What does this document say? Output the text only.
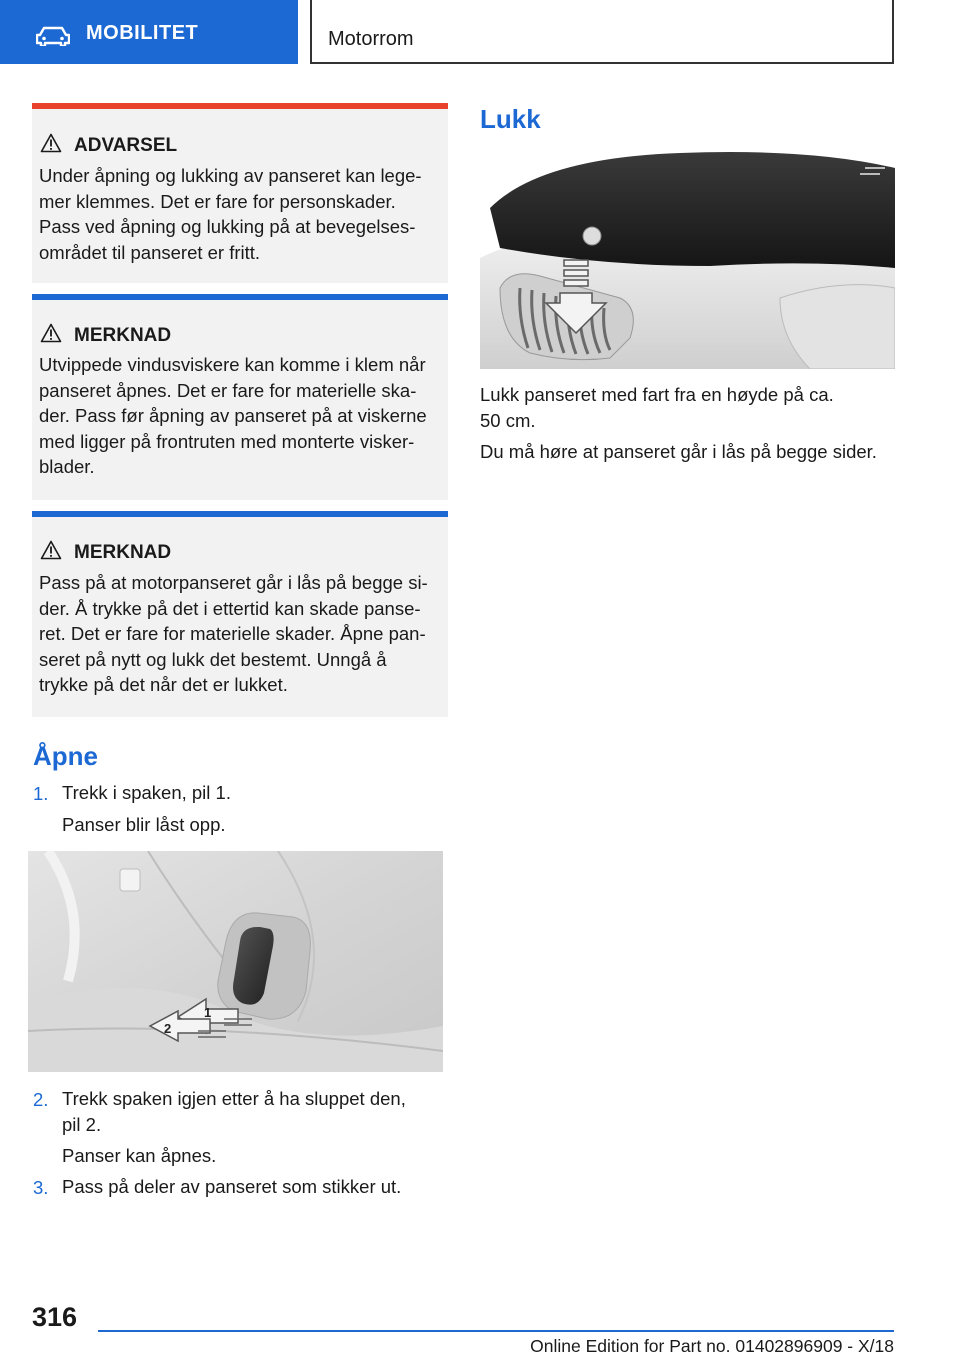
MOBILITET	Motorrom
ADVARSEL
Under åpning og lukking av panseret kan lege-
mer klemmes. Det er fare for personskader.
Pass ved åpning og lukking på at bevegelses-
området til panseret er fritt.
MERKNAD
Utvippede vindusviskere kan komme i klem når
panseret åpnes. Det er fare for materielle ska-
der. Pass før åpning av panseret på at viskerne
med ligger på frontruten med monterte visker-
blader.
MERKNAD
Pass på at motorpanseret går i lås på begge si-
der. Å trykke på det i ettertid kan skade panse-
ret. Det er fare for materielle skader. Åpne pan-
seret på nytt og lukk det bestemt. Unngå å
trykke på det når det er lukket.
Åpne
1. Trekk i spaken, pil 1.
Panser blir låst opp.
1
2
2. Trekk spaken igjen etter å ha sluppet den,
pil 2.
Panser kan åpnes.
3. Pass på deler av panseret som stikker ut.
Lukk
Lukk panseret med fart fra en høyde på ca.
50 cm.
Du må høre at panseret går i lås på begge sider.
316
Online Edition for Part no. 01402896909 - X/18
